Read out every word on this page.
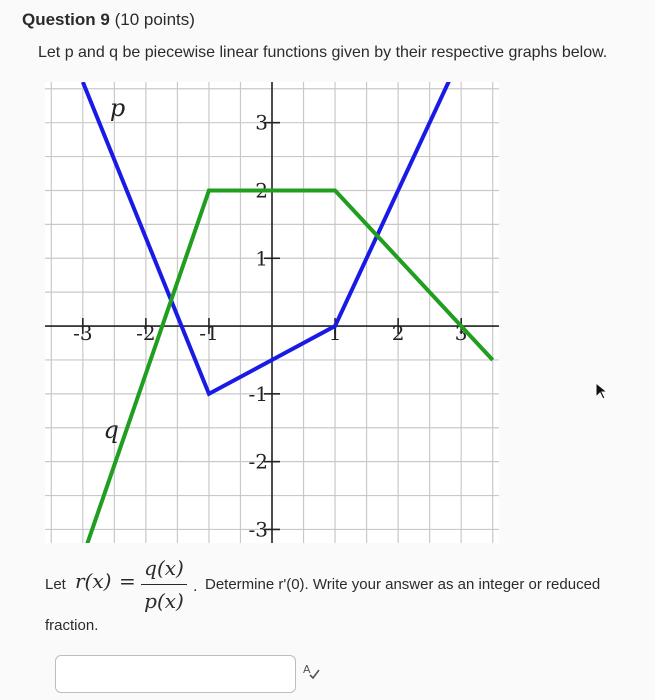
Question 9 (10 points)
Let p and q be piecewise linear functions given by their respective graphs below.
-3 -2 -1	1	2	3
3
2
1
-1
-2
-3
p
q
Let r(x) =
q(x)
p(x)
. Determine r'(0). Write your answer as an integer or reduced
fraction.
A
